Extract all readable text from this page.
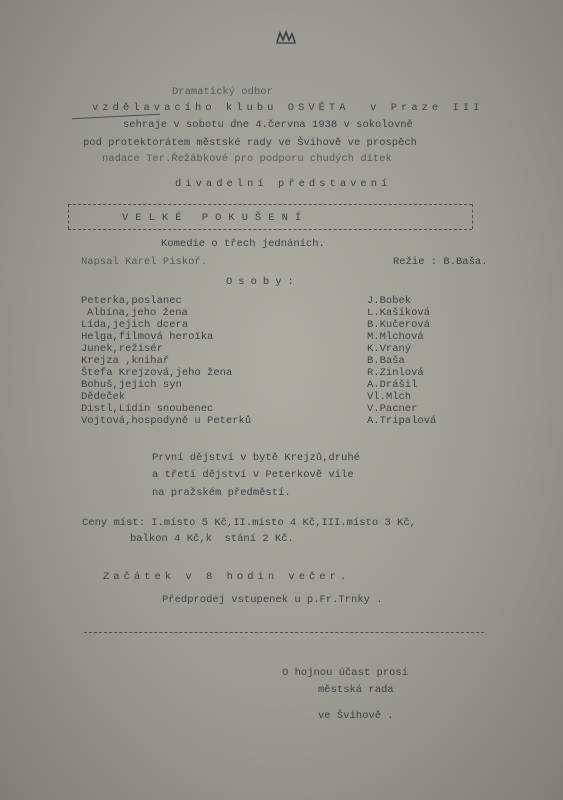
Dramatický odbor
vzdělavacího klubu OSVĚTA  v Praze III
sehraje v sobotu dne 4.června 1938 v sokolovně
pod protektorátem městské rady ve Švihově ve prospěch
nadace Ter.Řežábkové pro podporu chudých dítek
divadelní představení
VELKÉ POKUŠENÍ
Komedie o třech jednáních.
Napsal Karel Piskoř.	Režie : B.Baša.
Osoby:
Peterka,poslanec
Albína,jeho žena
Lída,jejich dcera
Helga,filmová heroïka
Junek,režisér
Krejza ,knihař
Štefa Krejzová,jeho žena
Bohuš,jejich syn
Dědeček
Distl,Lídin snoubenec
Vojtová,hospodyně u Peterků
J.Bobek
L.Kašíková
B.Kučerová
M.Mlchová
K.Vraný
B.Baša
R.Zinlová
A.Drášil
Vl.Mlch
V.Pacner
A.Tripalová
První dějství v bytě Krejzů,druhé
a třetí dějství v Peterkově vile
na pražském předměstí.
Ceny míst: I.místo 5 Kč,II.místo 4 Kč,III.místo 3 Kč,
balkon 4 Kč,k  stání 2 Kč.
Začátek v 8 hodin večer.
Předprodej vstupenek u p.Fr.Trnky .
O hojnou účast prosí
městská rada
ve Švihově .
